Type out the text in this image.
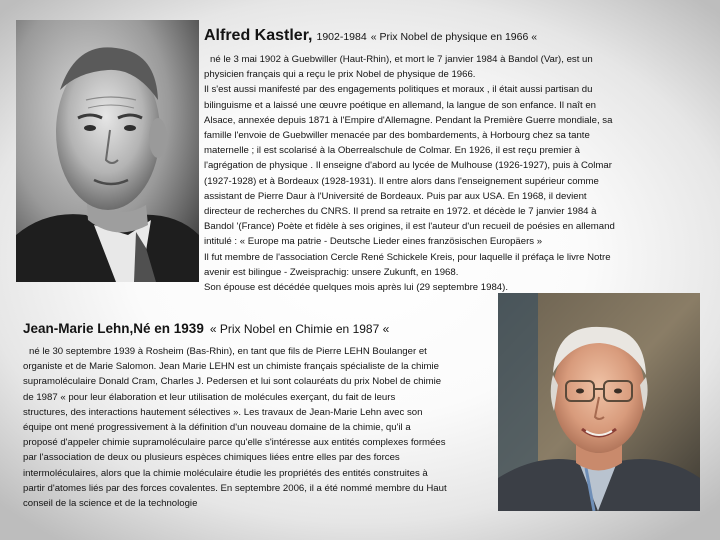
Alfred Kastler, 1902-1984 « Prix Nobel de physique en 1966 «

né le 3 mai 1902 à Guebwiller (Haut-Rhin), et mort le 7 janvier 1984 à Bandol (Var), est un

physicien français qui a reçu le prix Nobel de physique de 1966.

Il s'est aussi manifesté par des engagements politiques et moraux , il était aussi partisan du

bilinguisme et a laissé une œuvre poétique en allemand, la langue de son enfance. Il naît en

Alsace, annexée depuis 1871 à l'Empire d'Allemagne. Pendant la Première Guerre mondiale, sa

famille l'envoie de Guebwiller menacée par des bombardements, à Horbourg chez sa tante

maternelle ; il est scolarisé à la Oberrealschule de Colmar. En 1926, il est reçu premier à

l'agrégation de physique . Il enseigne d'abord au lycée de Mulhouse (1926-1927), puis à Colmar

(1927-1928) et à Bordeaux (1928-1931). Il entre alors dans l'enseignement supérieur comme

assistant de Pierre Daur à l'Université de Bordeaux. Puis par aux USA. En 1968, il devient

directeur de recherches du CNRS. Il prend sa retraite en 1972. et décède le 7 janvier 1984 à

Bandol '(France) Poète et fidèle à ses origines, il est l'auteur d'un recueil de poésies en allemand

intitulé : « Europe ma patrie - Deutsche Lieder eines französischen Europäers »

Il fut membre de l'association Cercle René Schickele Kreis, pour laquelle il préfaça le livre Notre

avenir est bilingue - Zweisprachig: unsere Zukunft, en 1968.

Son épouse est décédée quelques mois après lui (29 septembre 1984).

Jean-Marie Lehn,Né en 1939 « Prix Nobel en Chimie en 1987 «

né le 30 septembre 1939 à Rosheim (Bas-Rhin), en tant que fils de Pierre LEHN Boulanger et

organiste et de Marie Salomon. Jean Marie LEHN est un chimiste français spécialiste de la chimie

supramoléculaire Donald Cram, Charles J. Pedersen et lui sont colauréats du prix Nobel de chimie

de 1987 « pour leur élaboration et leur utilisation de molécules exerçant, du fait de leurs

structures, des interactions hautement sélectives ». Les travaux de Jean-Marie Lehn avec son

équipe ont mené progressivement à la définition d'un nouveau domaine de la chimie, qu'il a

proposé d'appeler chimie supramoléculaire parce qu'elle s'intéresse aux entités complexes formées

par l'association de deux ou plusieurs espèces chimiques liées entre elles par des forces

intermoléculaires, alors que la chimie moléculaire étudie les propriétés des entités construites à

partir d'atomes liés par des forces covalentes. En septembre 2006, il a été nommé membre du Haut

conseil de la science et de la technologie
